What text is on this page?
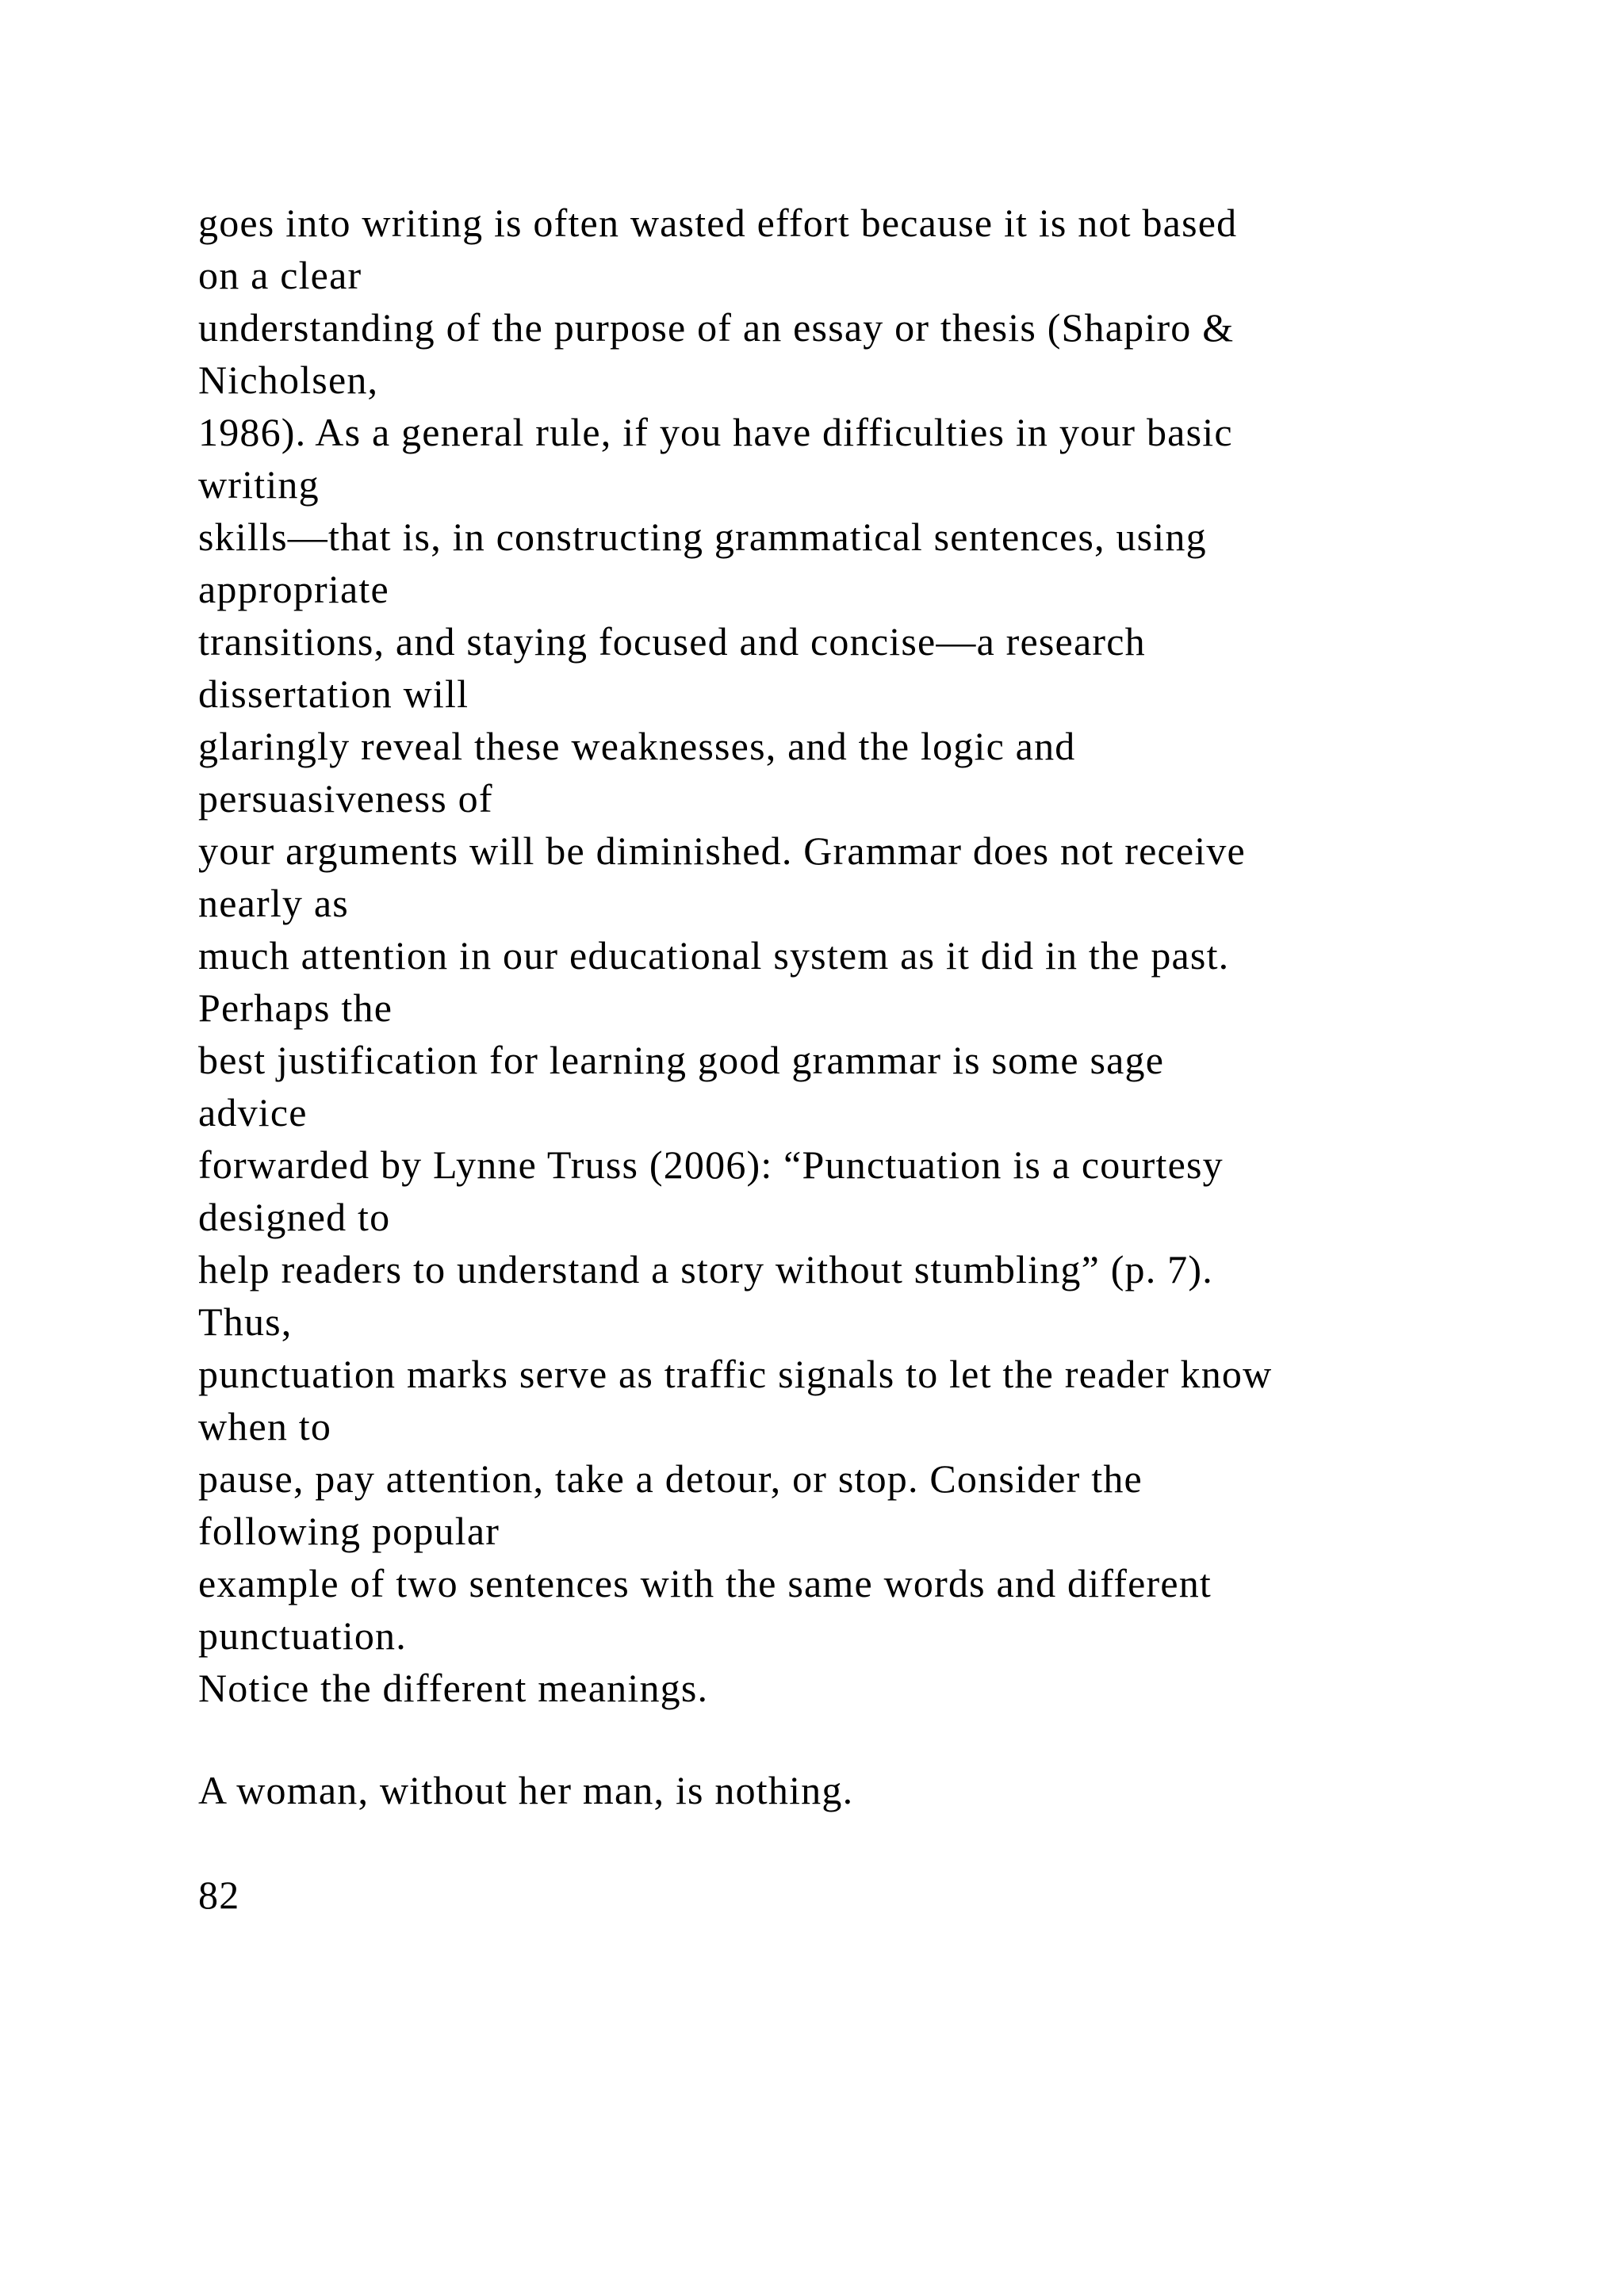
goes into writing is often wasted effort because it is not based
on a clear
understanding of the purpose of an essay or thesis (Shapiro &
Nicholsen,
1986). As a general rule, if you have difficulties in your basic
writing
skills—that is, in constructing grammatical sentences, using
appropriate
transitions, and staying focused and concise—a research
dissertation will
glaringly reveal these weaknesses, and the logic and
persuasiveness of
your arguments will be diminished. Grammar does not receive
nearly as
much attention in our educational system as it did in the past.
Perhaps the
best justification for learning good grammar is some sage
advice
forwarded by Lynne Truss (2006): “Punctuation is a courtesy
designed to
help readers to understand a story without stumbling” (p. 7).
Thus,
punctuation marks serve as traffic signals to let the reader know
when to
pause, pay attention, take a detour, or stop. Consider the
following popular
example of two sentences with the same words and different
punctuation.
Notice the different meanings.
A woman, without her man, is nothing.
82
